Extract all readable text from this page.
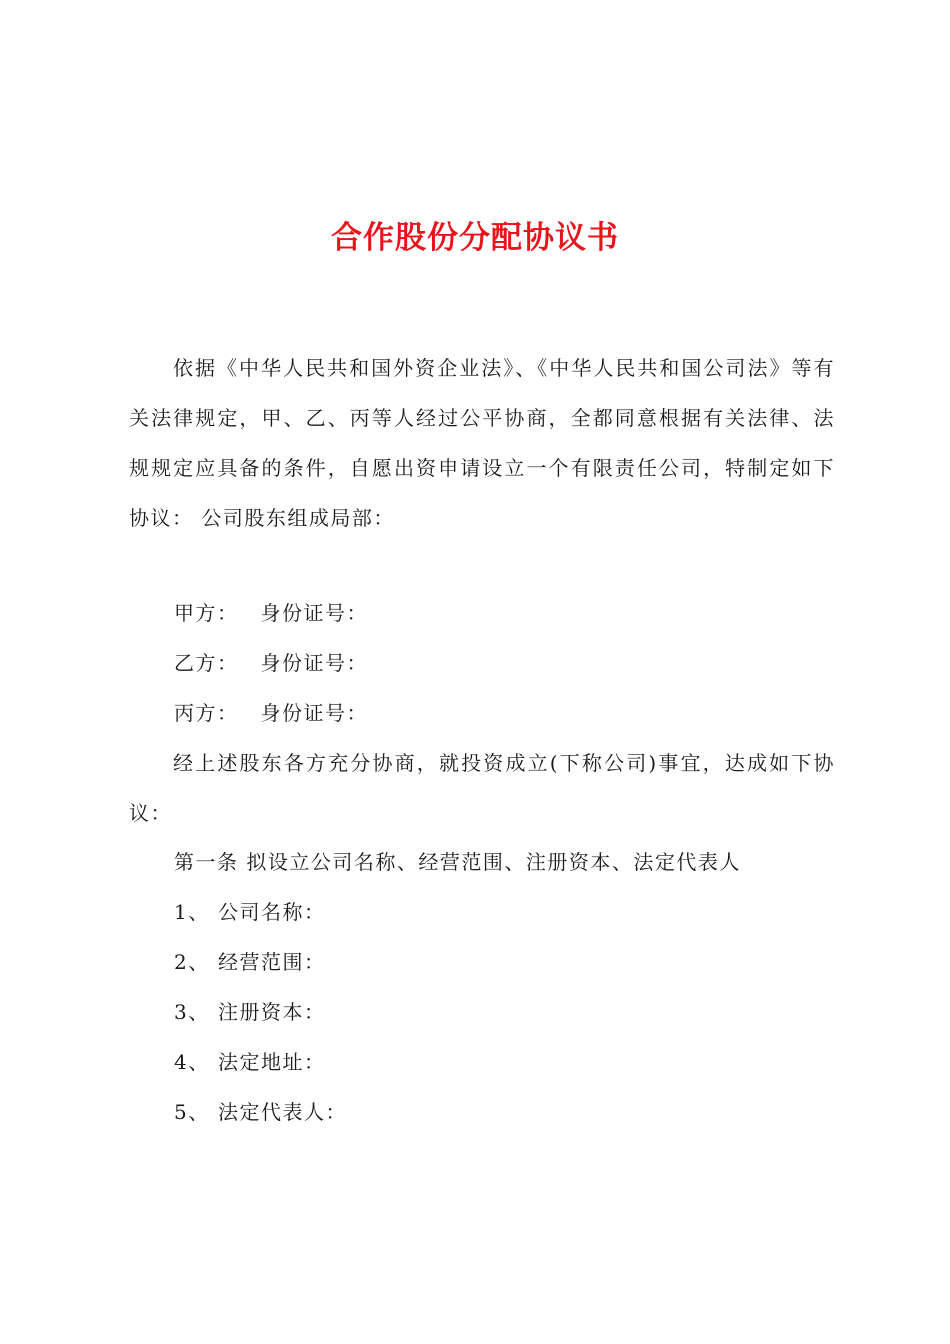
合作股份分配协议书

依据《中华人民共和国外资企业法》、《中华人民共和国公司法》等有关法律规定，甲、乙、丙等人经过公平协商，全都同意根据有关法律、法规规定应具备的条件，自愿出资申请设立一个有限责任公司，特制定如下协议： 公司股东组成局部：

甲方： 身份证号：

乙方： 身份证号：

丙方： 身份证号：

经上述股东各方充分协商，就投资成立(下称公司)事宜，达成如下协议：

第一条 拟设立公司名称、经营范围、注册资本、法定代表人

1、 公司名称：

2、 经营范围：

3、 注册资本：

4、 法定地址：

5、 法定代表人：
